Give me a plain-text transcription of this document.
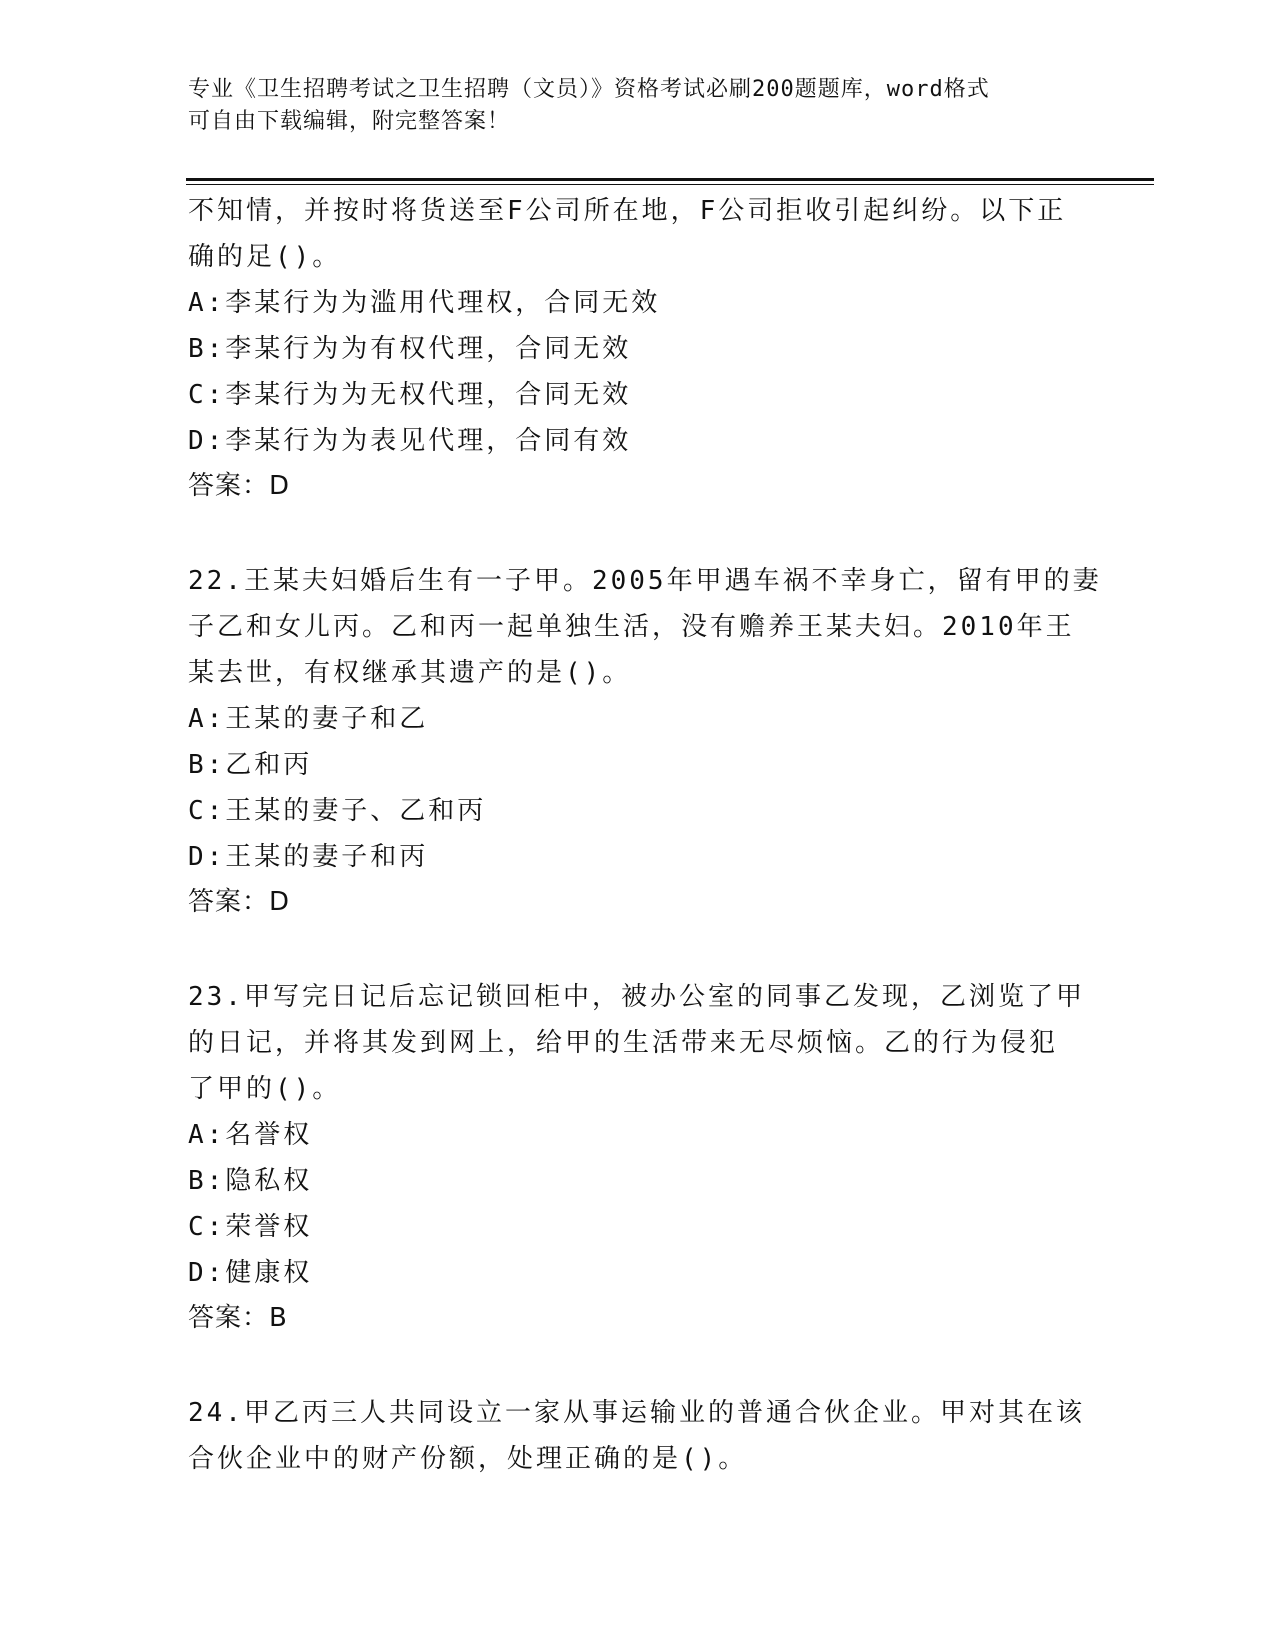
专业《卫生招聘考试之卫生招聘（文员）》资格考试必刷200题题库，word格式
可自由下载编辑，附完整答案！
不知情，并按时将货送至F公司所在地，F公司拒收引起纠纷。以下正
确的足()。
A:李某行为为滥用代理权，合同无效
B:李某行为为有权代理，合同无效
C:李某行为为无权代理，合同无效
D:李某行为为表见代理，合同有效
答案：D
22.王某夫妇婚后生有一子甲。2005年甲遇车祸不幸身亡，留有甲的妻
子乙和女儿丙。乙和丙一起单独生活，没有赡养王某夫妇。2010年王
某去世，有权继承其遗产的是()。
A:王某的妻子和乙
B:乙和丙
C:王某的妻子、乙和丙
D:王某的妻子和丙
答案：D
23.甲写完日记后忘记锁回柜中，被办公室的同事乙发现，乙浏览了甲
的日记，并将其发到网上，给甲的生活带来无尽烦恼。乙的行为侵犯
了甲的()。
A:名誉权
B:隐私权
C:荣誉权
D:健康权
答案：B
24.甲乙丙三人共同设立一家从事运输业的普通合伙企业。甲对其在该
合伙企业中的财产份额，处理正确的是()。
